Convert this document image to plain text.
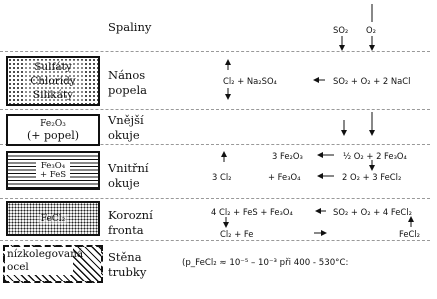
Sulfáty Chloridy Silikáty
Fe₂O₃
(+ popel)
Fe₃O₄
+ FeS
FeCl₂
nízkolegovaná ocel
Spaliny
Nános popela
Vnější okuje
Vnitřní okuje
Korozní fronta
Stěna trubky
SO₂ O₂
Cl₂ + Na₂SO₄	SO₂ + O₂ + 2 NaCl
3 Fe₂O₃	½ O₂ + 2 Fe₃O₄
3 Cl₂	+ Fe₃O₄	2 O₂ + 3 FeCl₂
4 Cl₂ + FeS + Fe₃O₄	SO₂ + O₂ + 4 FeCl₂
Cl₂ + Fe	FeCl₂
(p_FeCl₂ ≈ 10⁻⁵ – 10⁻³ při 400 - 530°C:
